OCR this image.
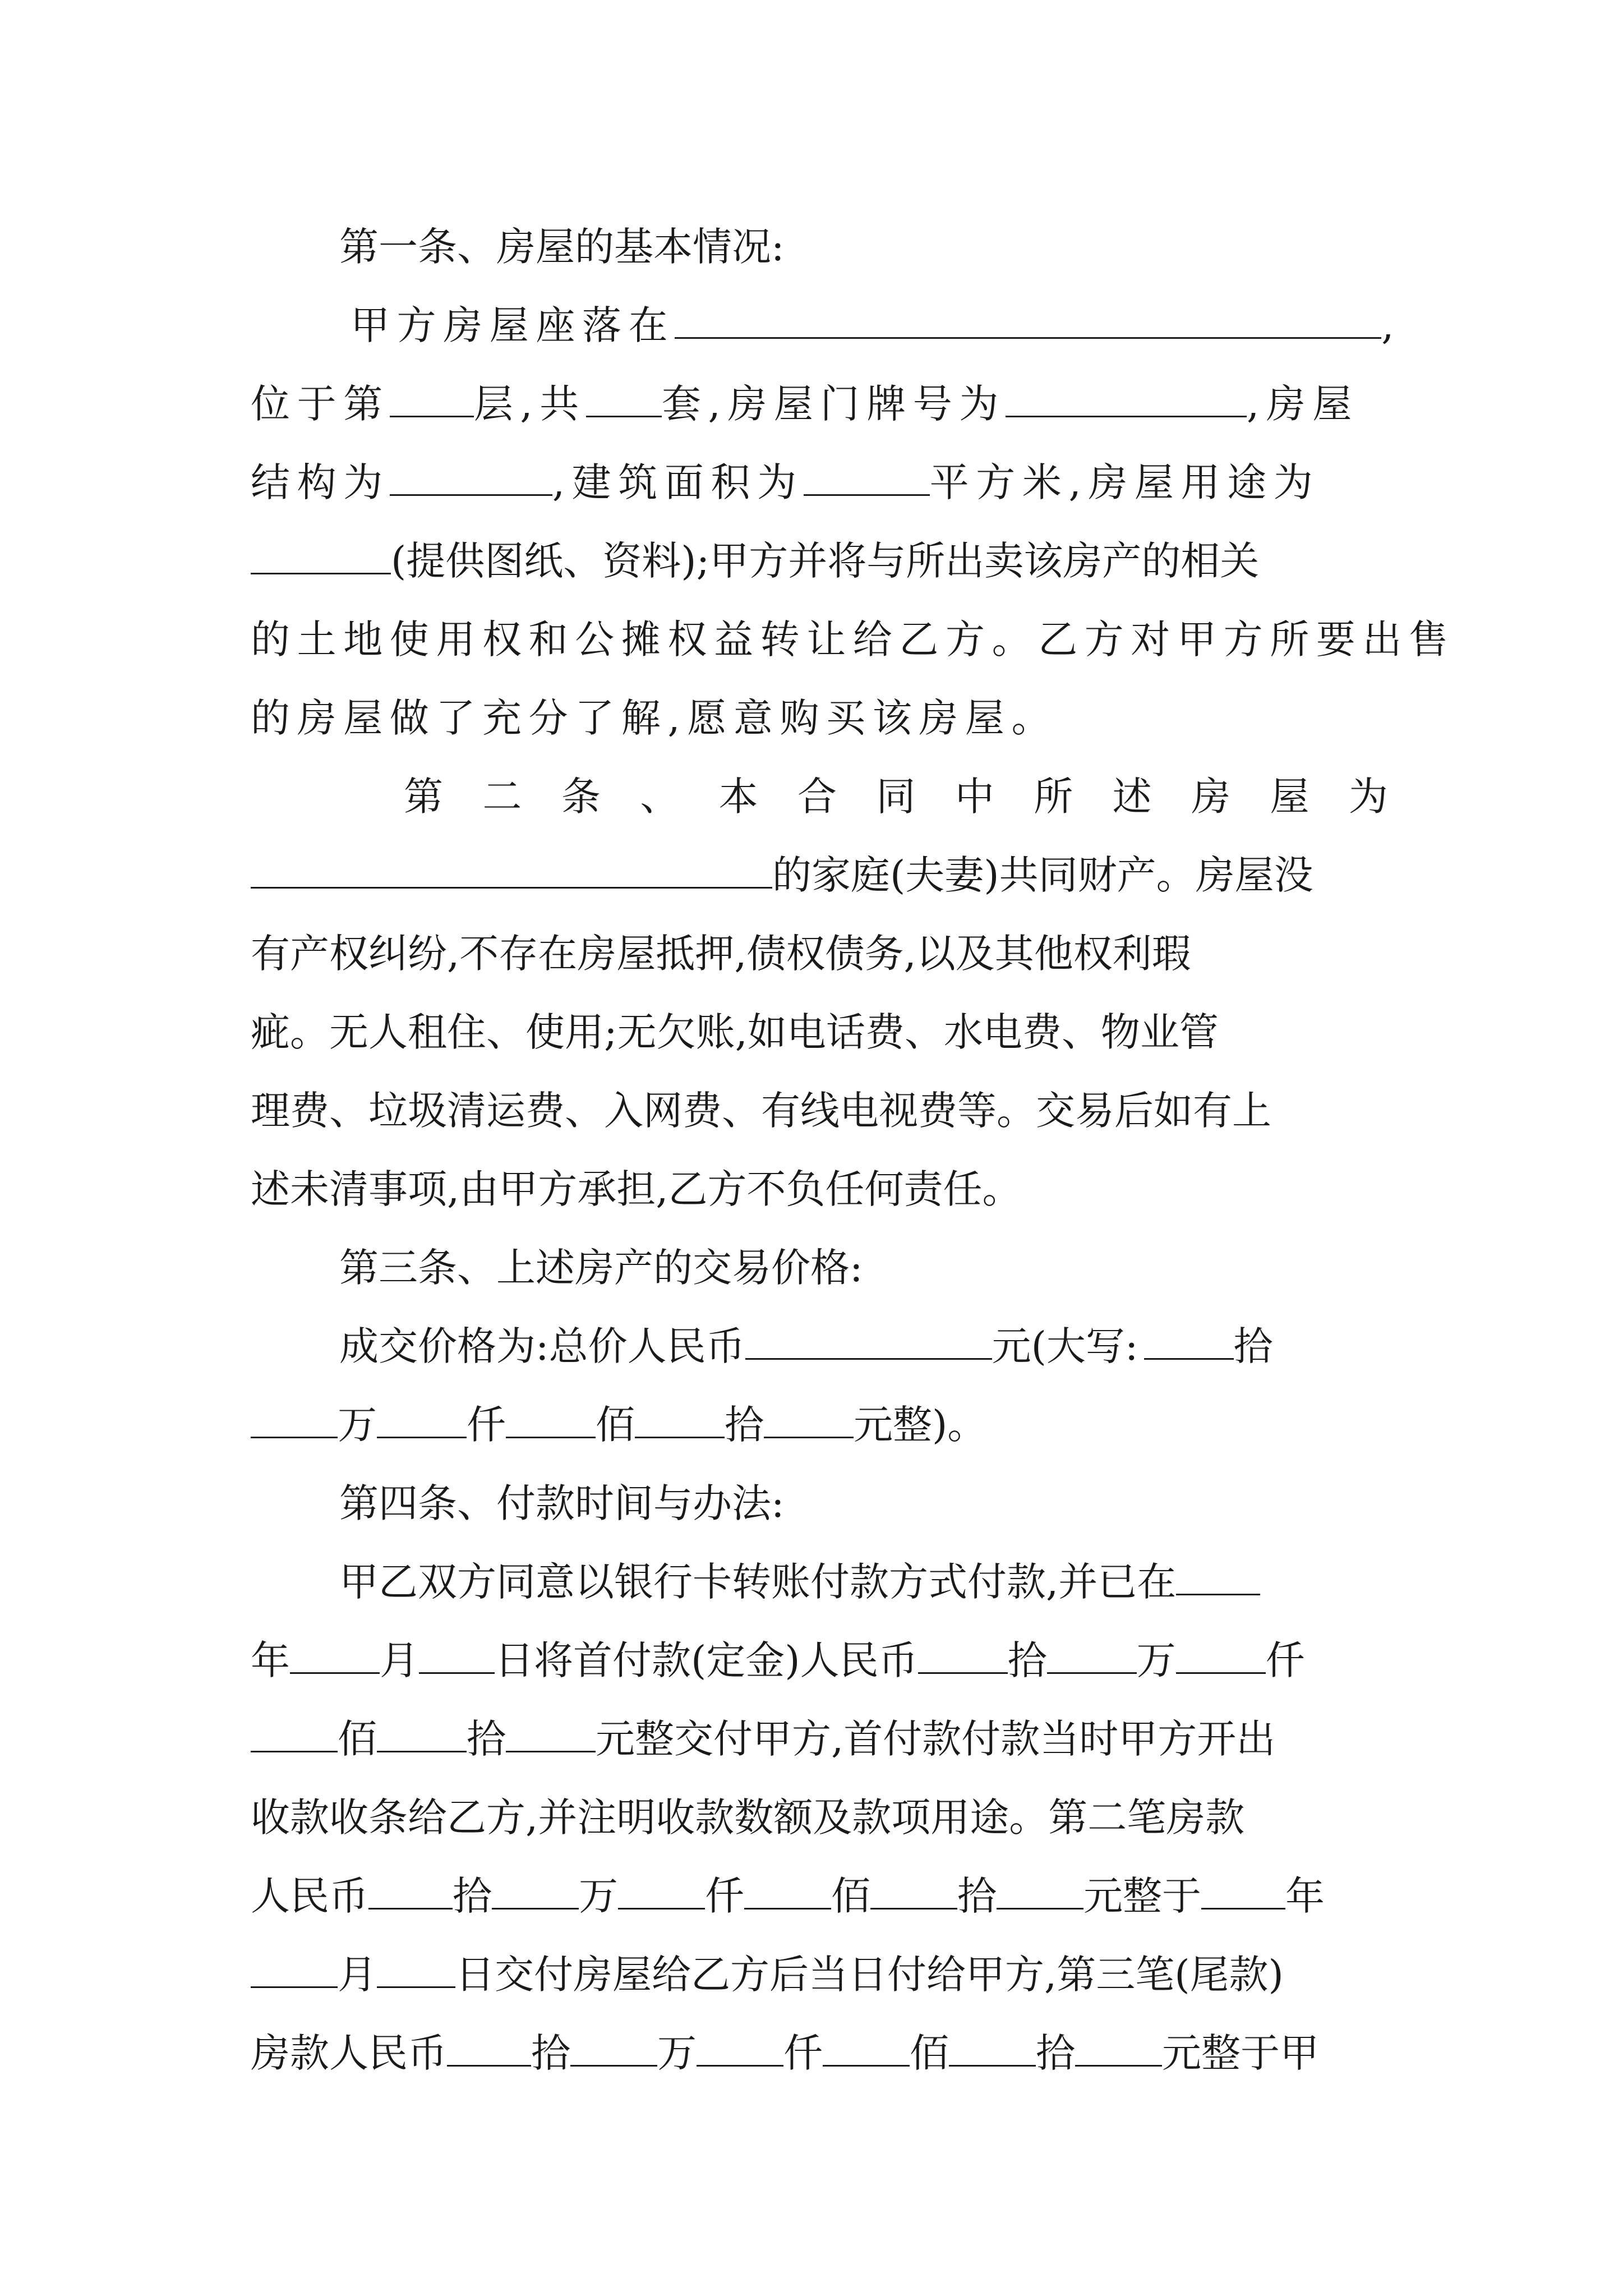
第一条、房屋的基本情况:
甲方房屋座落在	,
位于第 层,共 套,房屋门牌号为	,房屋
结构为	,建筑面积为	平方米,房屋用途为
(提供图纸、资料);甲方并将与所出卖该房产的相关
的土地使用权和公摊权益转让给乙方。乙方对甲方所要出售
的房屋做了充分了解,愿意购买该房屋。
第 二 条 、 本 合 同 中 所 述 房 屋 为
的家庭(夫妻)共同财产。房屋没
有产权纠纷,不存在房屋抵押,债权债务,以及其他权利瑕
疵。无人租住、使用;无欠账,如电话费、水电费、物业管
理费、垃圾清运费、入网费、有线电视费等。交易后如有上
述未清事项,由甲方承担,乙方不负任何责任。
第三条、上述房产的交易价格:
成交价格为:总价人民币	元(大写: 拾
万 仟 佰 拾 元整)。
第四条、付款时间与办法:
甲乙双方同意以银行卡转账付款方式付款,并已在
年 月 日将首付款(定金)人民币 拾 万 仟
佰 拾 元整交付甲方,首付款付款当时甲方开出
收款收条给乙方,并注明收款数额及款项用途。第二笔房款
人民币 拾 万 仟 佰 拾 元整于 年
月 日交付房屋给乙方后当日付给甲方,第三笔(尾款)
房款人民币 拾 万 仟 佰 拾 元整于甲
